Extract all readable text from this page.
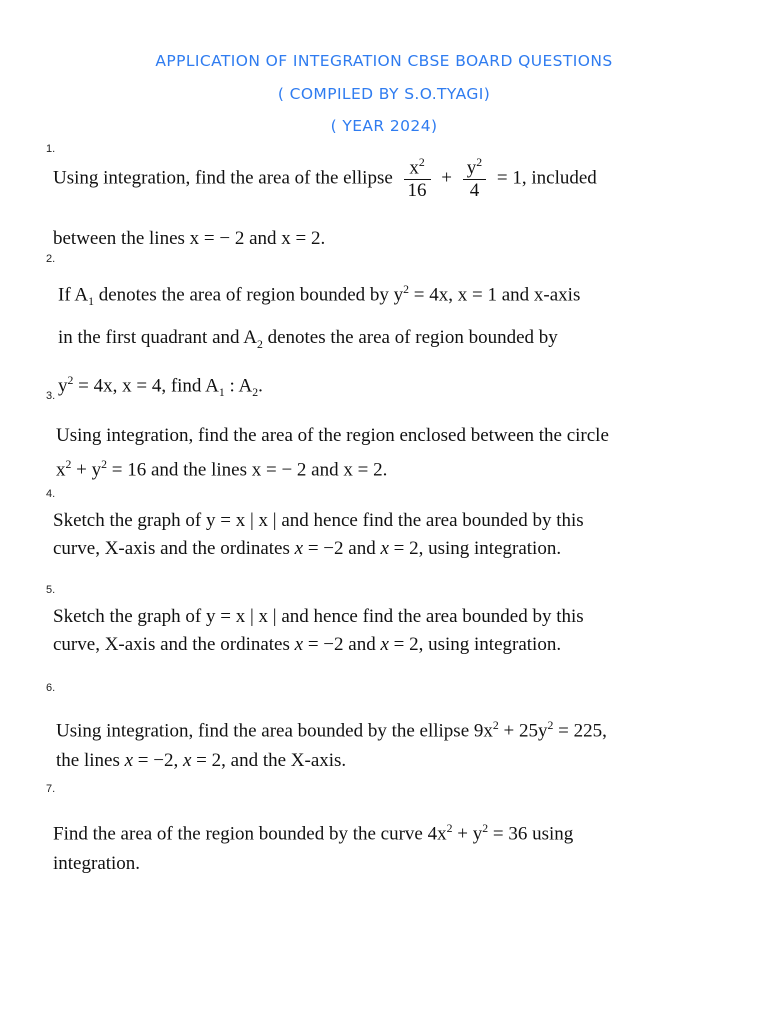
APPLICATION OF INTEGRATION CBSE BOARD QUESTIONS
( COMPILED BY S.O.TYAGI)
( YEAR 2024)
1.
Using integration, find the area of the ellipse $\frac{x^2}{16} + \frac{y^2}{4} = 1$, included
between the lines x = − 2 and x = 2.
2.
If $A_1$ denotes the area of region bounded by $y^2 = 4x$, x = 1 and x-axis
in the first quadrant and $A_2$ denotes the area of region bounded by
$y^2 = 4x$, x = 4, find $A_1$ : $A_2$.
3.
Using integration, find the area of the region enclosed between the circle
$x^2 + y^2 = 16$ and the lines x = − 2 and x = 2.
4.
Sketch the graph of y = x | x | and hence find the area bounded by this
curve, X-axis and the ordinates x = −2 and x = 2, using integration.
5.
Sketch the graph of y = x | x | and hence find the area bounded by this
curve, X-axis and the ordinates x = −2 and x = 2, using integration.
6.
Using integration, find the area bounded by the ellipse $9x^2 + 25y^2 = 225$,
the lines x = −2, x = 2, and the X-axis.
7.
Find the area of the region bounded by the curve $4x^2 + y^2 = 36$ using
integration.
